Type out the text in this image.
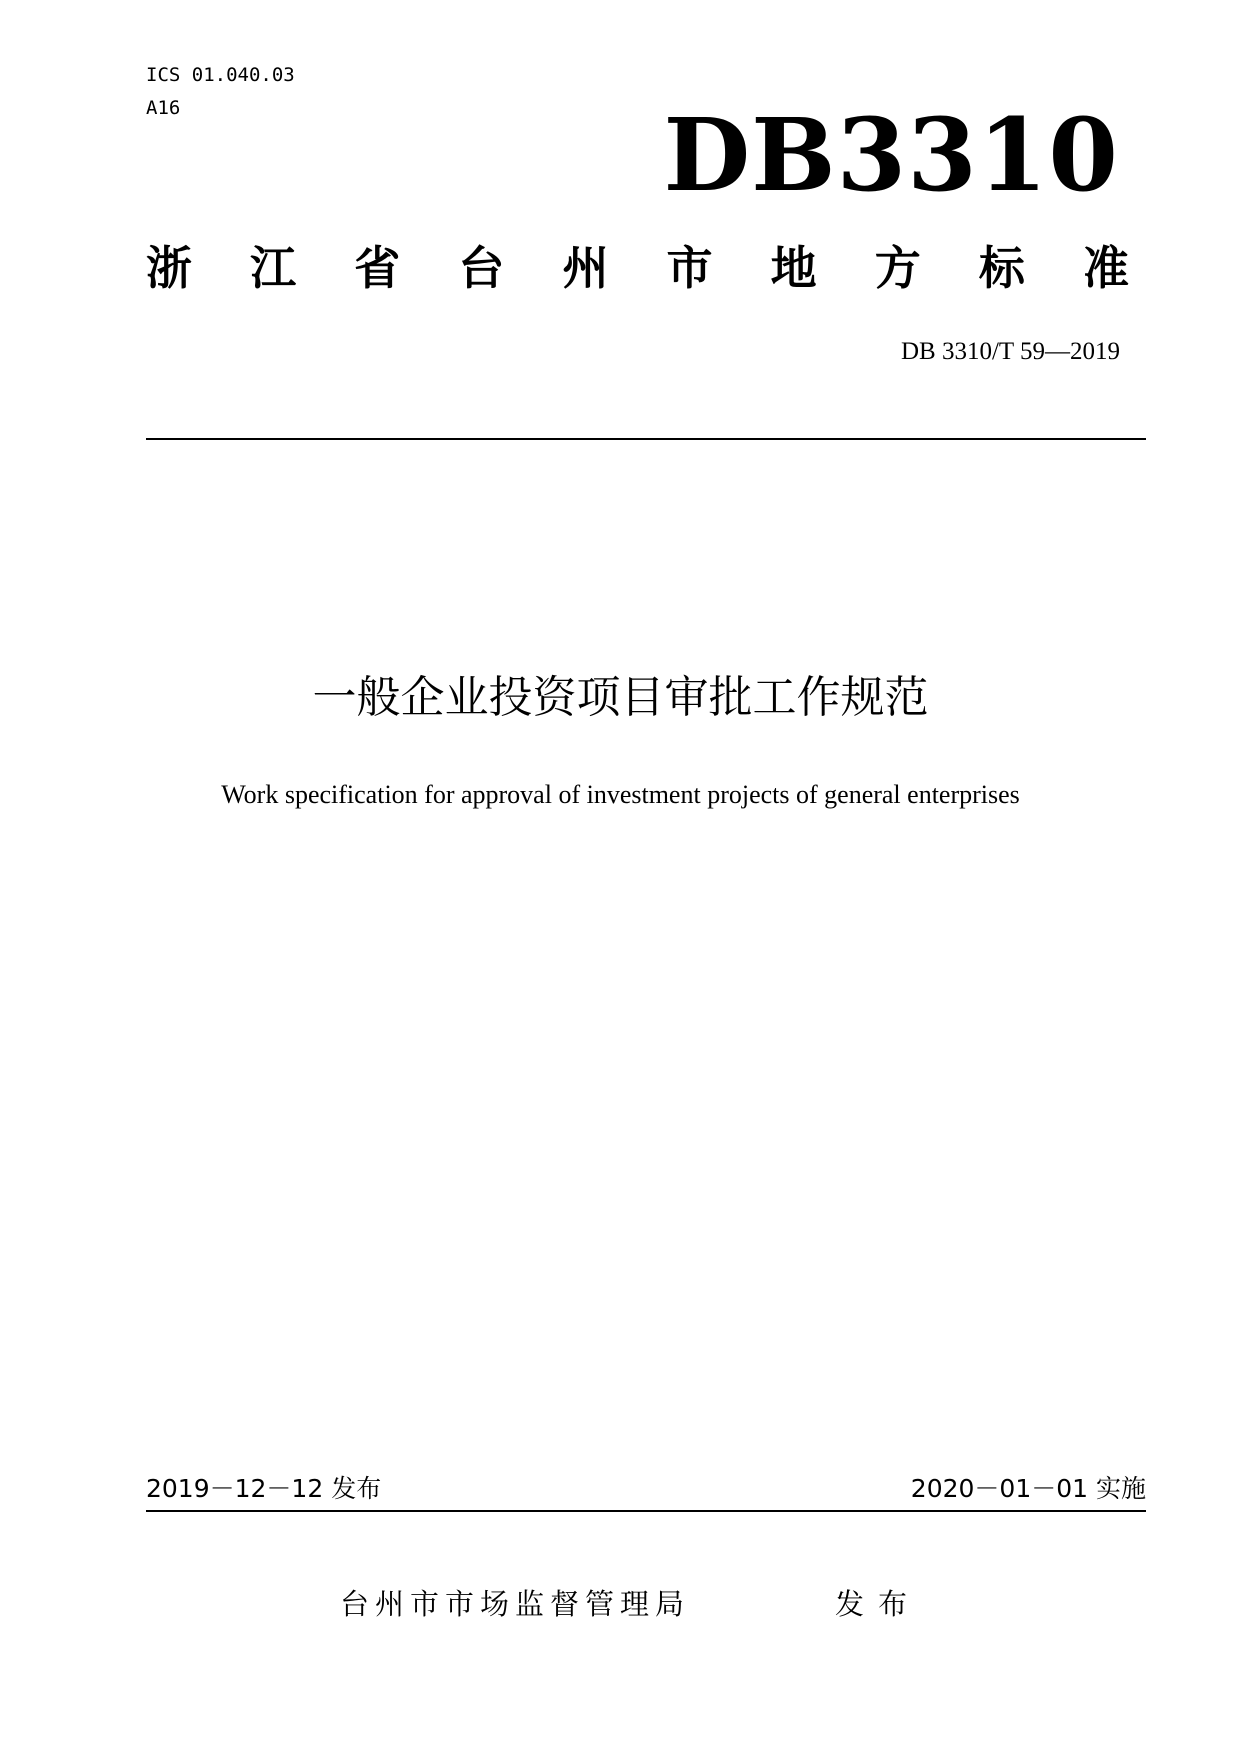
ICS 01.040.03
A16	DB3310
浙 江 省 台 州 市 地 方 标 准
DB 3310/T 59—2019
一般企业投资项目审批工作规范
Work specification for approval of investment projects of general enterprises
2019－12－12 发布	2020－01－01 实施
台州市市场监督管理局	发布
